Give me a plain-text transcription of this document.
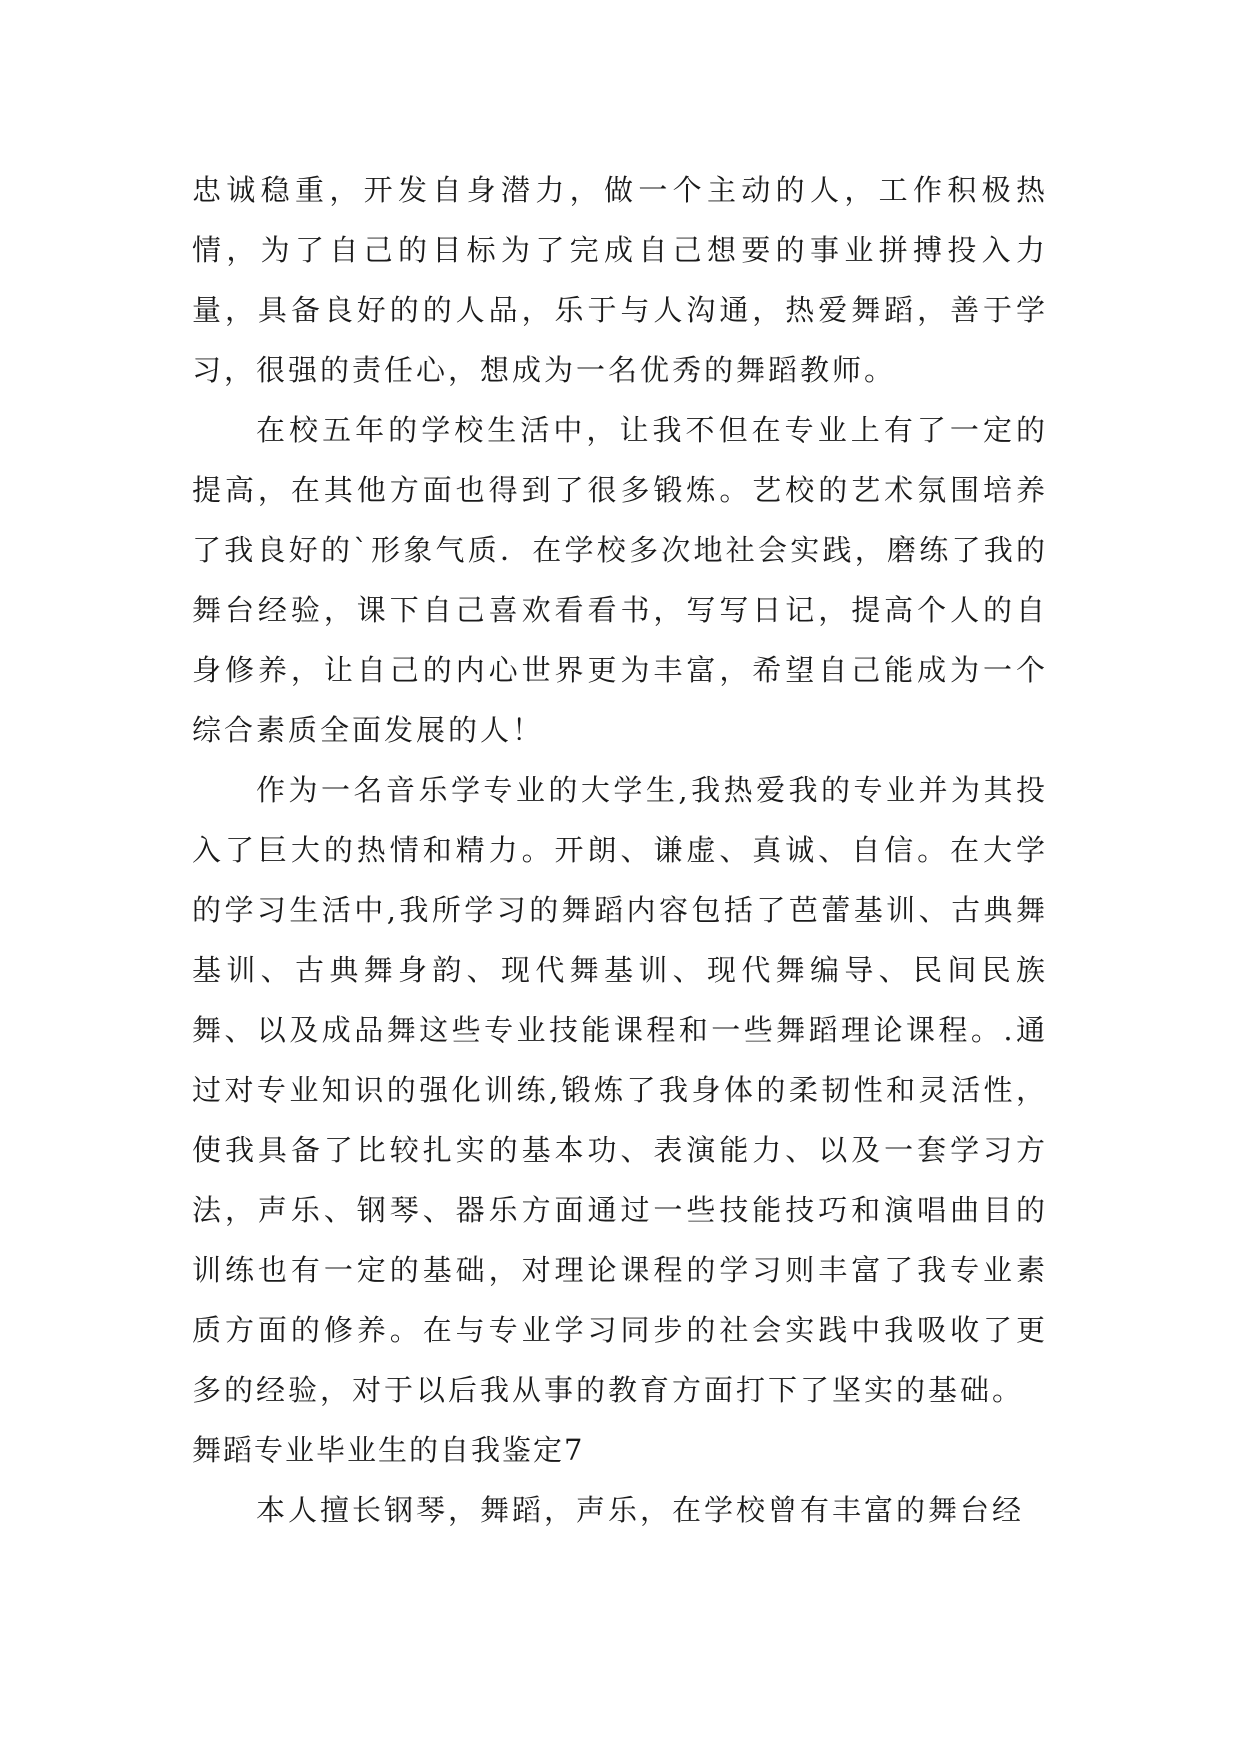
忠诚稳重，开发自身潜力，做一个主动的人，工作积极热情，为了自己的目标为了完成自己想要的事业拼搏投入力量，具备良好的的人品，乐于与人沟通，热爱舞蹈，善于学习，很强的责任心，想成为一名优秀的舞蹈教师。

在校五年的学校生活中，让我不但在专业上有了一定的提高，在其他方面也得到了很多锻炼。艺校的艺术氛围培养了我良好的`形象气质．在学校多次地社会实践，磨练了我的舞台经验，课下自己喜欢看看书，写写日记，提高个人的自身修养，让自己的内心世界更为丰富，希望自己能成为一个综合素质全面发展的人！

作为一名音乐学专业的大学生,我热爱我的专业并为其投入了巨大的热情和精力。开朗、谦虚、真诚、自信。在大学的学习生活中,我所学习的舞蹈内容包括了芭蕾基训、古典舞基训、古典舞身韵、现代舞基训、现代舞编导、民间民族舞、以及成品舞这些专业技能课程和一些舞蹈理论课程。.通过对专业知识的强化训练,锻炼了我身体的柔韧性和灵活性，使我具备了比较扎实的基本功、表演能力、以及一套学习方法，声乐、钢琴、器乐方面通过一些技能技巧和演唱曲目的训练也有一定的基础，对理论课程的学习则丰富了我专业素质方面的修养。在与专业学习同步的社会实践中我吸收了更多的经验，对于以后我从事的教育方面打下了坚实的基础。

舞蹈专业毕业生的自我鉴定7

本人擅长钢琴，舞蹈，声乐，在学校曾有丰富的舞台经
